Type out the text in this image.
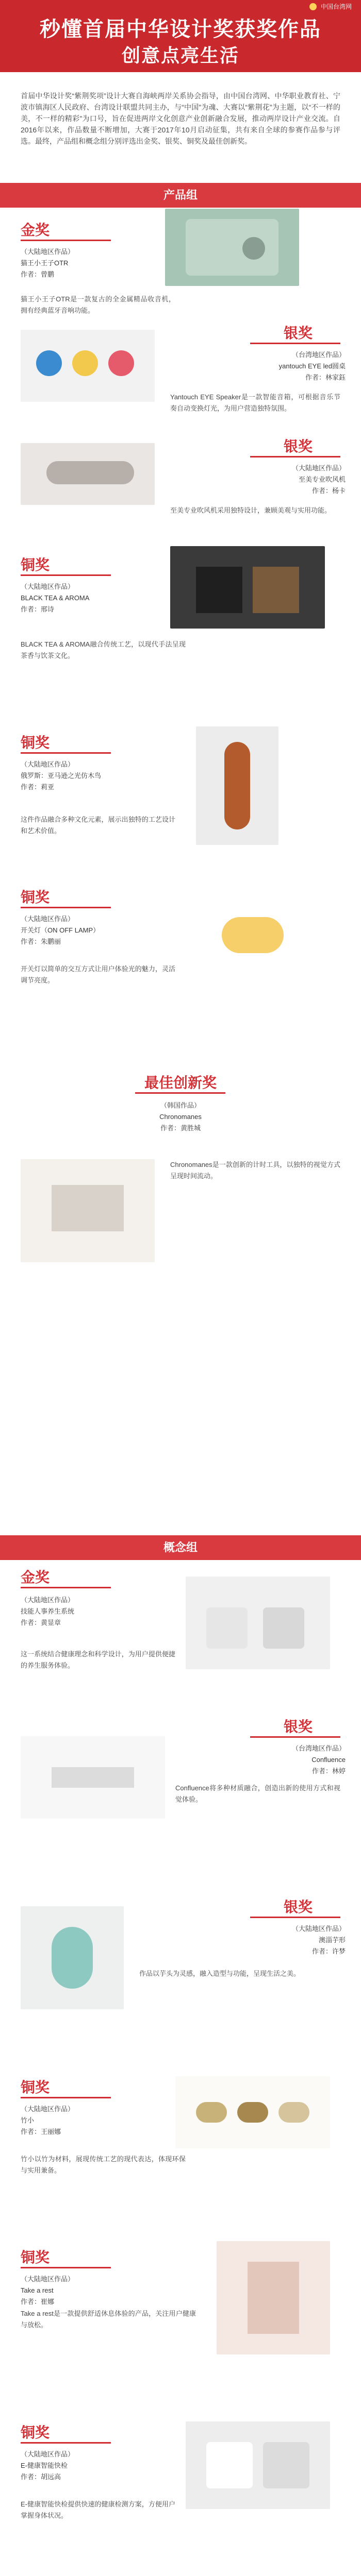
中国台湾网
秒懂首届中华设计奖获奖作品
创意点亮生活
首届中华设计奖“紫荆奖项”设计大赛自海峡两岸关系协会指导，由中国台湾网、中华职业教育社、宁波市镇海区人民政府、台湾设计联盟共同主办，与“中国”为魂、大赛以“紫荆花”为主题，以“不一样的美，不一样的精彩”为口号，旨在促进两岸文化创意产业创新融合发展，推动两岸设计产业交流。自2016年以来，作品数量不断增加，大赛于2017年10月启动征集，共有来自全球的参赛作品参与评选。最终，产品组和概念组分别评选出金奖、银奖、铜奖及最佳创新奖。
产品组
金奖
（大陆地区作品）
猫王小王子OTR
作者：曾鹏
猫王小王子OTR是一款复古的全金属精品收音机，拥有经典蓝牙音响功能。
银奖
（台湾地区作品）
yantouch EYE led圆桌
作者：林家鈺
Yantouch EYE Speaker是一款智能音箱，可根据音乐节奏自动变换灯光，为用户营造独特氛围。
银奖
（大陆地区作品）
至美专业吹风机
作者：杨卡
至美专业吹风机采用独特设计，兼顾美观与实用功能。
铜奖
（大陆地区作品）
BLACK TEA & AROMA
作者：邢诗
BLACK TEA & AROMA融合传统工艺，以现代手法呈现茶香与饮茶文化。
铜奖
（大陆地区作品）
俄罗斯：亚马逊之光仿木鸟
作者：莉亚
这件作品融合多种文化元素，展示出独特的工艺设计和艺术价值。
铜奖
（大陆地区作品）
开关灯（ON OFF LAMP）
作者：朱鹏丽
开关灯以简单的交互方式让用户体验光的魅力，灵活调节亮度。
最佳创新奖
（韩国作品）
Chronomanes
作者：黄胜城
Chronomanes是一款创新的计时工具，以独特的视觉方式呈现时间流动。
概念组
金奖
（大陆地区作品）
技能人事养生系统
作者：黄显章
这一系统结合健康理念和科学设计，为用户提供便捷的养生服务体验。
银奖
（台湾地区作品）
Confluence
作者：林婷
Confluence将多种材质融合，创造出新的使用方式和视觉体验。
银奖
（大陆地区作品）
澳淄芋形
作者：许梦
作品以芋头为灵感，融入造型与功能，呈现生活之美。
铜奖
（大陆地区作品）
竹小
作者：王丽娜
竹小以竹为材料，展现传统工艺的现代表达，体现环保与实用兼备。
铜奖
（大陆地区作品）
Take a rest
作者：崔娜
Take a rest是一款提供舒适休息体验的产品，关注用户健康与放松。
铜奖
（大陆地区作品）
E-健康智能快检
作者：胡远高
E-健康智能快检提供快速的健康检测方案，方便用户掌握身体状况。
